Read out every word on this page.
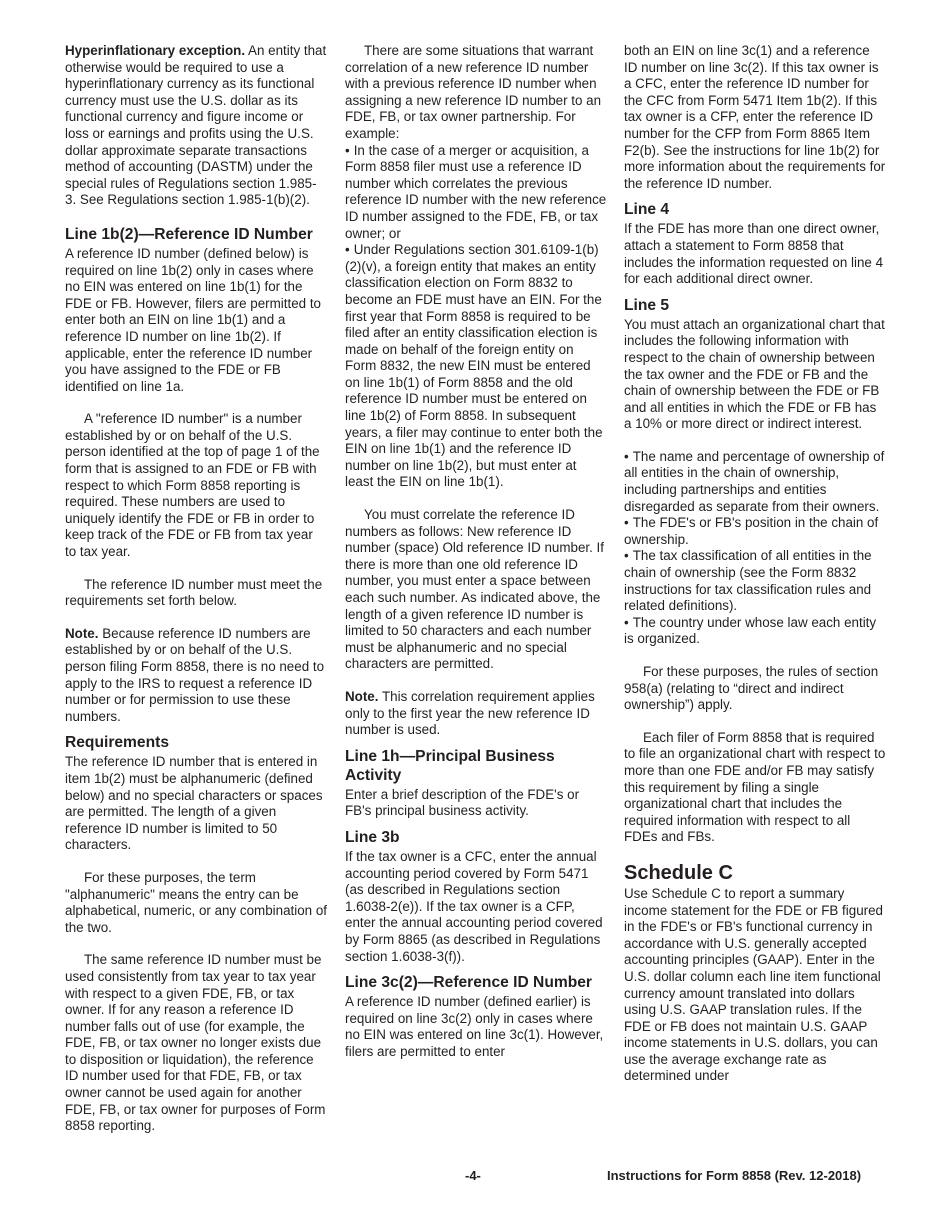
Hyperinflationary exception. An entity that otherwise would be required to use a hyperinflationary currency as its functional currency must use the U.S. dollar as its functional currency and figure income or loss or earnings and profits using the U.S. dollar approximate separate transactions method of accounting (DASTM) under the special rules of Regulations section 1.985-3. See Regulations section 1.985-1(b)(2).

Line 1b(2)—Reference ID Number

A reference ID number (defined below) is required on line 1b(2) only in cases where no EIN was entered on line 1b(1) for the FDE or FB. However, filers are permitted to enter both an EIN on line 1b(1) and a reference ID number on line 1b(2). If applicable, enter the reference ID number you have assigned to the FDE or FB identified on line 1a.

A "reference ID number" is a number established by or on behalf of the U.S. person identified at the top of page 1 of the form that is assigned to an FDE or FB with respect to which Form 8858 reporting is required. These numbers are used to uniquely identify the FDE or FB in order to keep track of the FDE or FB from tax year to tax year.

The reference ID number must meet the requirements set forth below.

Note. Because reference ID numbers are established by or on behalf of the U.S. person filing Form 8858, there is no need to apply to the IRS to request a reference ID number or for permission to use these numbers.

Requirements

The reference ID number that is entered in item 1b(2) must be alphanumeric (defined below) and no special characters or spaces are permitted. The length of a given reference ID number is limited to 50 characters.

For these purposes, the term "alphanumeric" means the entry can be alphabetical, numeric, or any combination of the two.

The same reference ID number must be used consistently from tax year to tax year with respect to a given FDE, FB, or tax owner. If for any reason a reference ID number falls out of use (for example, the FDE, FB, or tax owner no longer exists due to disposition or liquidation), the reference ID number used for that FDE, FB, or tax owner cannot be used again for another FDE, FB, or tax owner for purposes of Form 8858 reporting.

There are some situations that warrant correlation of a new reference ID number with a previous reference ID number when assigning a new reference ID number to an FDE, FB, or tax owner partnership. For example:

• In the case of a merger or acquisition, a Form 8858 filer must use a reference ID number which correlates the previous reference ID number with the new reference ID number assigned to the FDE, FB, or tax owner; or

• Under Regulations section 301.6109-1(b)(2)(v), a foreign entity that makes an entity classification election on Form 8832 to become an FDE must have an EIN. For the first year that Form 8858 is required to be filed after an entity classification election is made on behalf of the foreign entity on Form 8832, the new EIN must be entered on line 1b(1) of Form 8858 and the old reference ID number must be entered on line 1b(2) of Form 8858. In subsequent years, a filer may continue to enter both the EIN on line 1b(1) and the reference ID number on line 1b(2), but must enter at least the EIN on line 1b(1).

You must correlate the reference ID numbers as follows: New reference ID number (space) Old reference ID number. If there is more than one old reference ID number, you must enter a space between each such number. As indicated above, the length of a given reference ID number is limited to 50 characters and each number must be alphanumeric and no special characters are permitted.

Note. This correlation requirement applies only to the first year the new reference ID number is used.

Line 1h—Principal Business Activity

Enter a brief description of the FDE's or FB's principal business activity.

Line 3b

If the tax owner is a CFC, enter the annual accounting period covered by Form 5471 (as described in Regulations section 1.6038-2(e)). If the tax owner is a CFP, enter the annual accounting period covered by Form 8865 (as described in Regulations section 1.6038-3(f)).

Line 3c(2)—Reference ID Number

A reference ID number (defined earlier) is required on line 3c(2) only in cases where no EIN was entered on line 3c(1). However, filers are permitted to enter

both an EIN on line 3c(1) and a reference ID number on line 3c(2). If this tax owner is a CFC, enter the reference ID number for the CFC from Form 5471 Item 1b(2). If this tax owner is a CFP, enter the reference ID number for the CFP from Form 8865 Item F2(b). See the instructions for line 1b(2) for more information about the requirements for the reference ID number.

Line 4

If the FDE has more than one direct owner, attach a statement to Form 8858 that includes the information requested on line 4 for each additional direct owner.

Line 5

You must attach an organizational chart that includes the following information with respect to the chain of ownership between the tax owner and the FDE or FB and the chain of ownership between the FDE or FB and all entities in which the FDE or FB has a 10% or more direct or indirect interest.

• The name and percentage of ownership of all entities in the chain of ownership, including partnerships and entities disregarded as separate from their owners.

• The FDE's or FB's position in the chain of ownership.

• The tax classification of all entities in the chain of ownership (see the Form 8832 instructions for tax classification rules and related definitions).

• The country under whose law each entity is organized.

For these purposes, the rules of section 958(a) (relating to “direct and indirect ownership”) apply.

Each filer of Form 8858 that is required to file an organizational chart with respect to more than one FDE and/or FB may satisfy this requirement by filing a single organizational chart that includes the required information with respect to all FDEs and FBs.

Schedule C

Use Schedule C to report a summary income statement for the FDE or FB figured in the FDE's or FB's functional currency in accordance with U.S. generally accepted accounting principles (GAAP). Enter in the U.S. dollar column each line item functional currency amount translated into dollars using U.S. GAAP translation rules. If the FDE or FB does not maintain U.S. GAAP income statements in U.S. dollars, you can use the average exchange rate as determined under

-4-	Instructions for Form 8858 (Rev. 12-2018)
